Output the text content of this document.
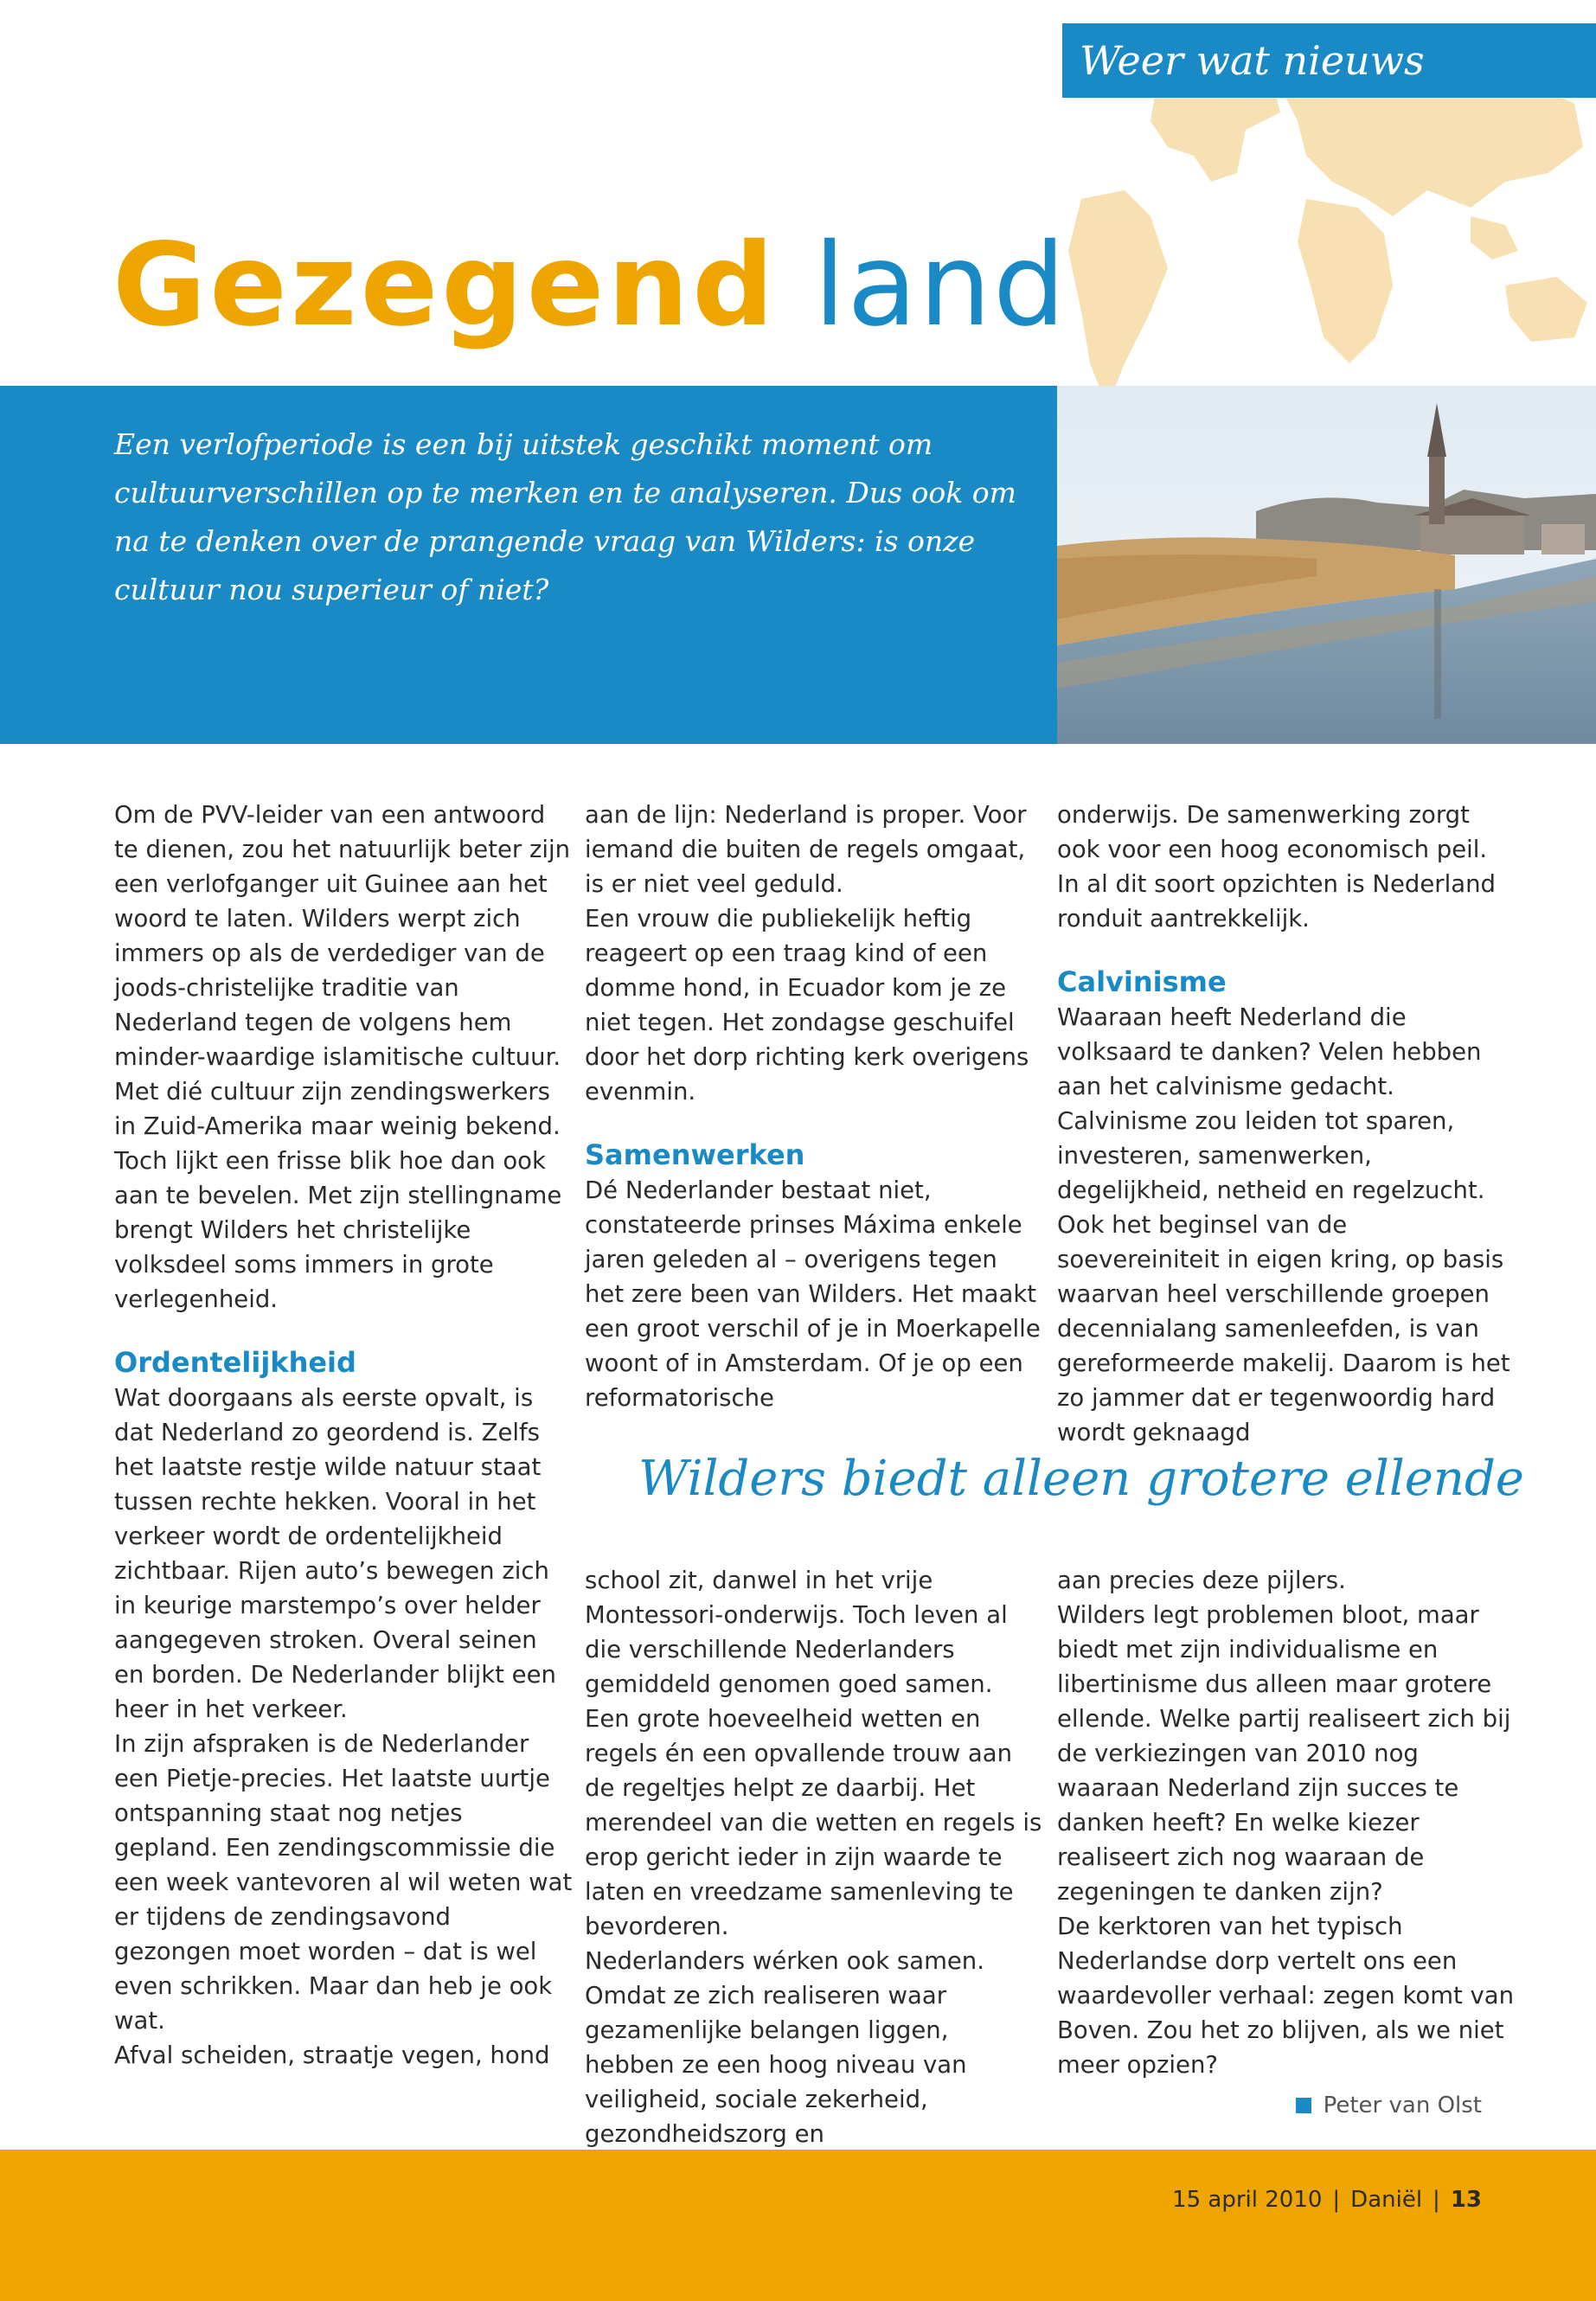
Weer wat nieuws
Gezegend land

Een verlofperiode is een bij uitstek geschikt moment om cultuurverschillen op te merken en te analyseren. Dus ook om na te denken over de prangende vraag van Wilders: is onze cultuur nou superieur of niet?

Om de PVV-leider van een antwoord te dienen, zou het natuurlijk beter zijn een verlofganger uit Guinee aan het woord te laten. Wilders werpt zich immers op als de verdediger van de joods-christelijke traditie van Nederland tegen de volgens hem minder-waardige islamitische cultuur. Met dié cultuur zijn zendingswerkers in Zuid-Amerika maar weinig bekend.

Toch lijkt een frisse blik hoe dan ook aan te bevelen. Met zijn stellingname brengt Wilders het christelijke volksdeel soms immers in grote verlegenheid.

Ordentelijkheid

Wat doorgaans als eerste opvalt, is dat Nederland zo geordend is. Zelfs het laatste restje wilde natuur staat tussen rechte hekken. Vooral in het verkeer wordt de ordentelijkheid zichtbaar. Rijen auto’s bewegen zich in keurige marstempo’s over helder aangegeven stroken. Overal seinen en borden. De Nederlander blijkt een heer in het verkeer.

In zijn afspraken is de Nederlander een Pietje-precies. Het laatste uurtje ontspanning staat nog netjes gepland. Een zendingscommissie die een week vantevoren al wil weten wat er tijdens de zendingsavond gezongen moet worden – dat is wel even schrikken. Maar dan heb je ook wat.

Afval scheiden, straatje vegen, hond

aan de lijn: Nederland is proper. Voor iemand die buiten de regels omgaat, is er niet veel geduld.

Een vrouw die publiekelijk heftig reageert op een traag kind of een domme hond, in Ecuador kom je ze niet tegen. Het zondagse geschuifel door het dorp richting kerk overigens evenmin.

Samenwerken

Dé Nederlander bestaat niet, constateerde prinses Máxima enkele jaren geleden al – overigens tegen het zere been van Wilders. Het maakt een groot verschil of je in Moerkapelle woont of in Amsterdam. Of je op een reformatorische

onderwijs. De samenwerking zorgt ook voor een hoog economisch peil. In al dit soort opzichten is Nederland ronduit aantrekkelijk.

Calvinisme

Waaraan heeft Nederland die volksaard te danken? Velen hebben aan het calvinisme gedacht. Calvinisme zou leiden tot sparen, investeren, samenwerken, degelijkheid, netheid en regelzucht. Ook het beginsel van de soevereiniteit in eigen kring, op basis waarvan heel verschillende groepen decennialang samenleefden, is van gereformeerde makelij. Daarom is het zo jammer dat er tegenwoordig hard wordt geknaagd

Wilders biedt alleen grotere ellende

school zit, danwel in het vrije Montessori-onderwijs. Toch leven al die verschillende Nederlanders gemiddeld genomen goed samen. Een grote hoeveelheid wetten en regels én een opvallende trouw aan de regeltjes helpt ze daarbij. Het merendeel van die wetten en regels is erop gericht ieder in zijn waarde te laten en vreedzame samenleving te bevorderen.

Nederlanders wérken ook samen. Omdat ze zich realiseren waar gezamenlijke belangen liggen, hebben ze een hoog niveau van veiligheid, sociale zekerheid, gezondheidszorg en

aan precies deze pijlers.

Wilders legt problemen bloot, maar biedt met zijn individualisme en libertinisme dus alleen maar grotere ellende. Welke partij realiseert zich bij de verkiezingen van 2010 nog waaraan Nederland zijn succes te danken heeft? En welke kiezer realiseert zich nog waaraan de zegeningen te danken zijn?

De kerktoren van het typisch Nederlandse dorp vertelt ons een waardevoller verhaal: zegen komt van Boven. Zou het zo blijven, als we niet meer opzien?

Peter van Olst
15 april 2010 | Daniël | 13
